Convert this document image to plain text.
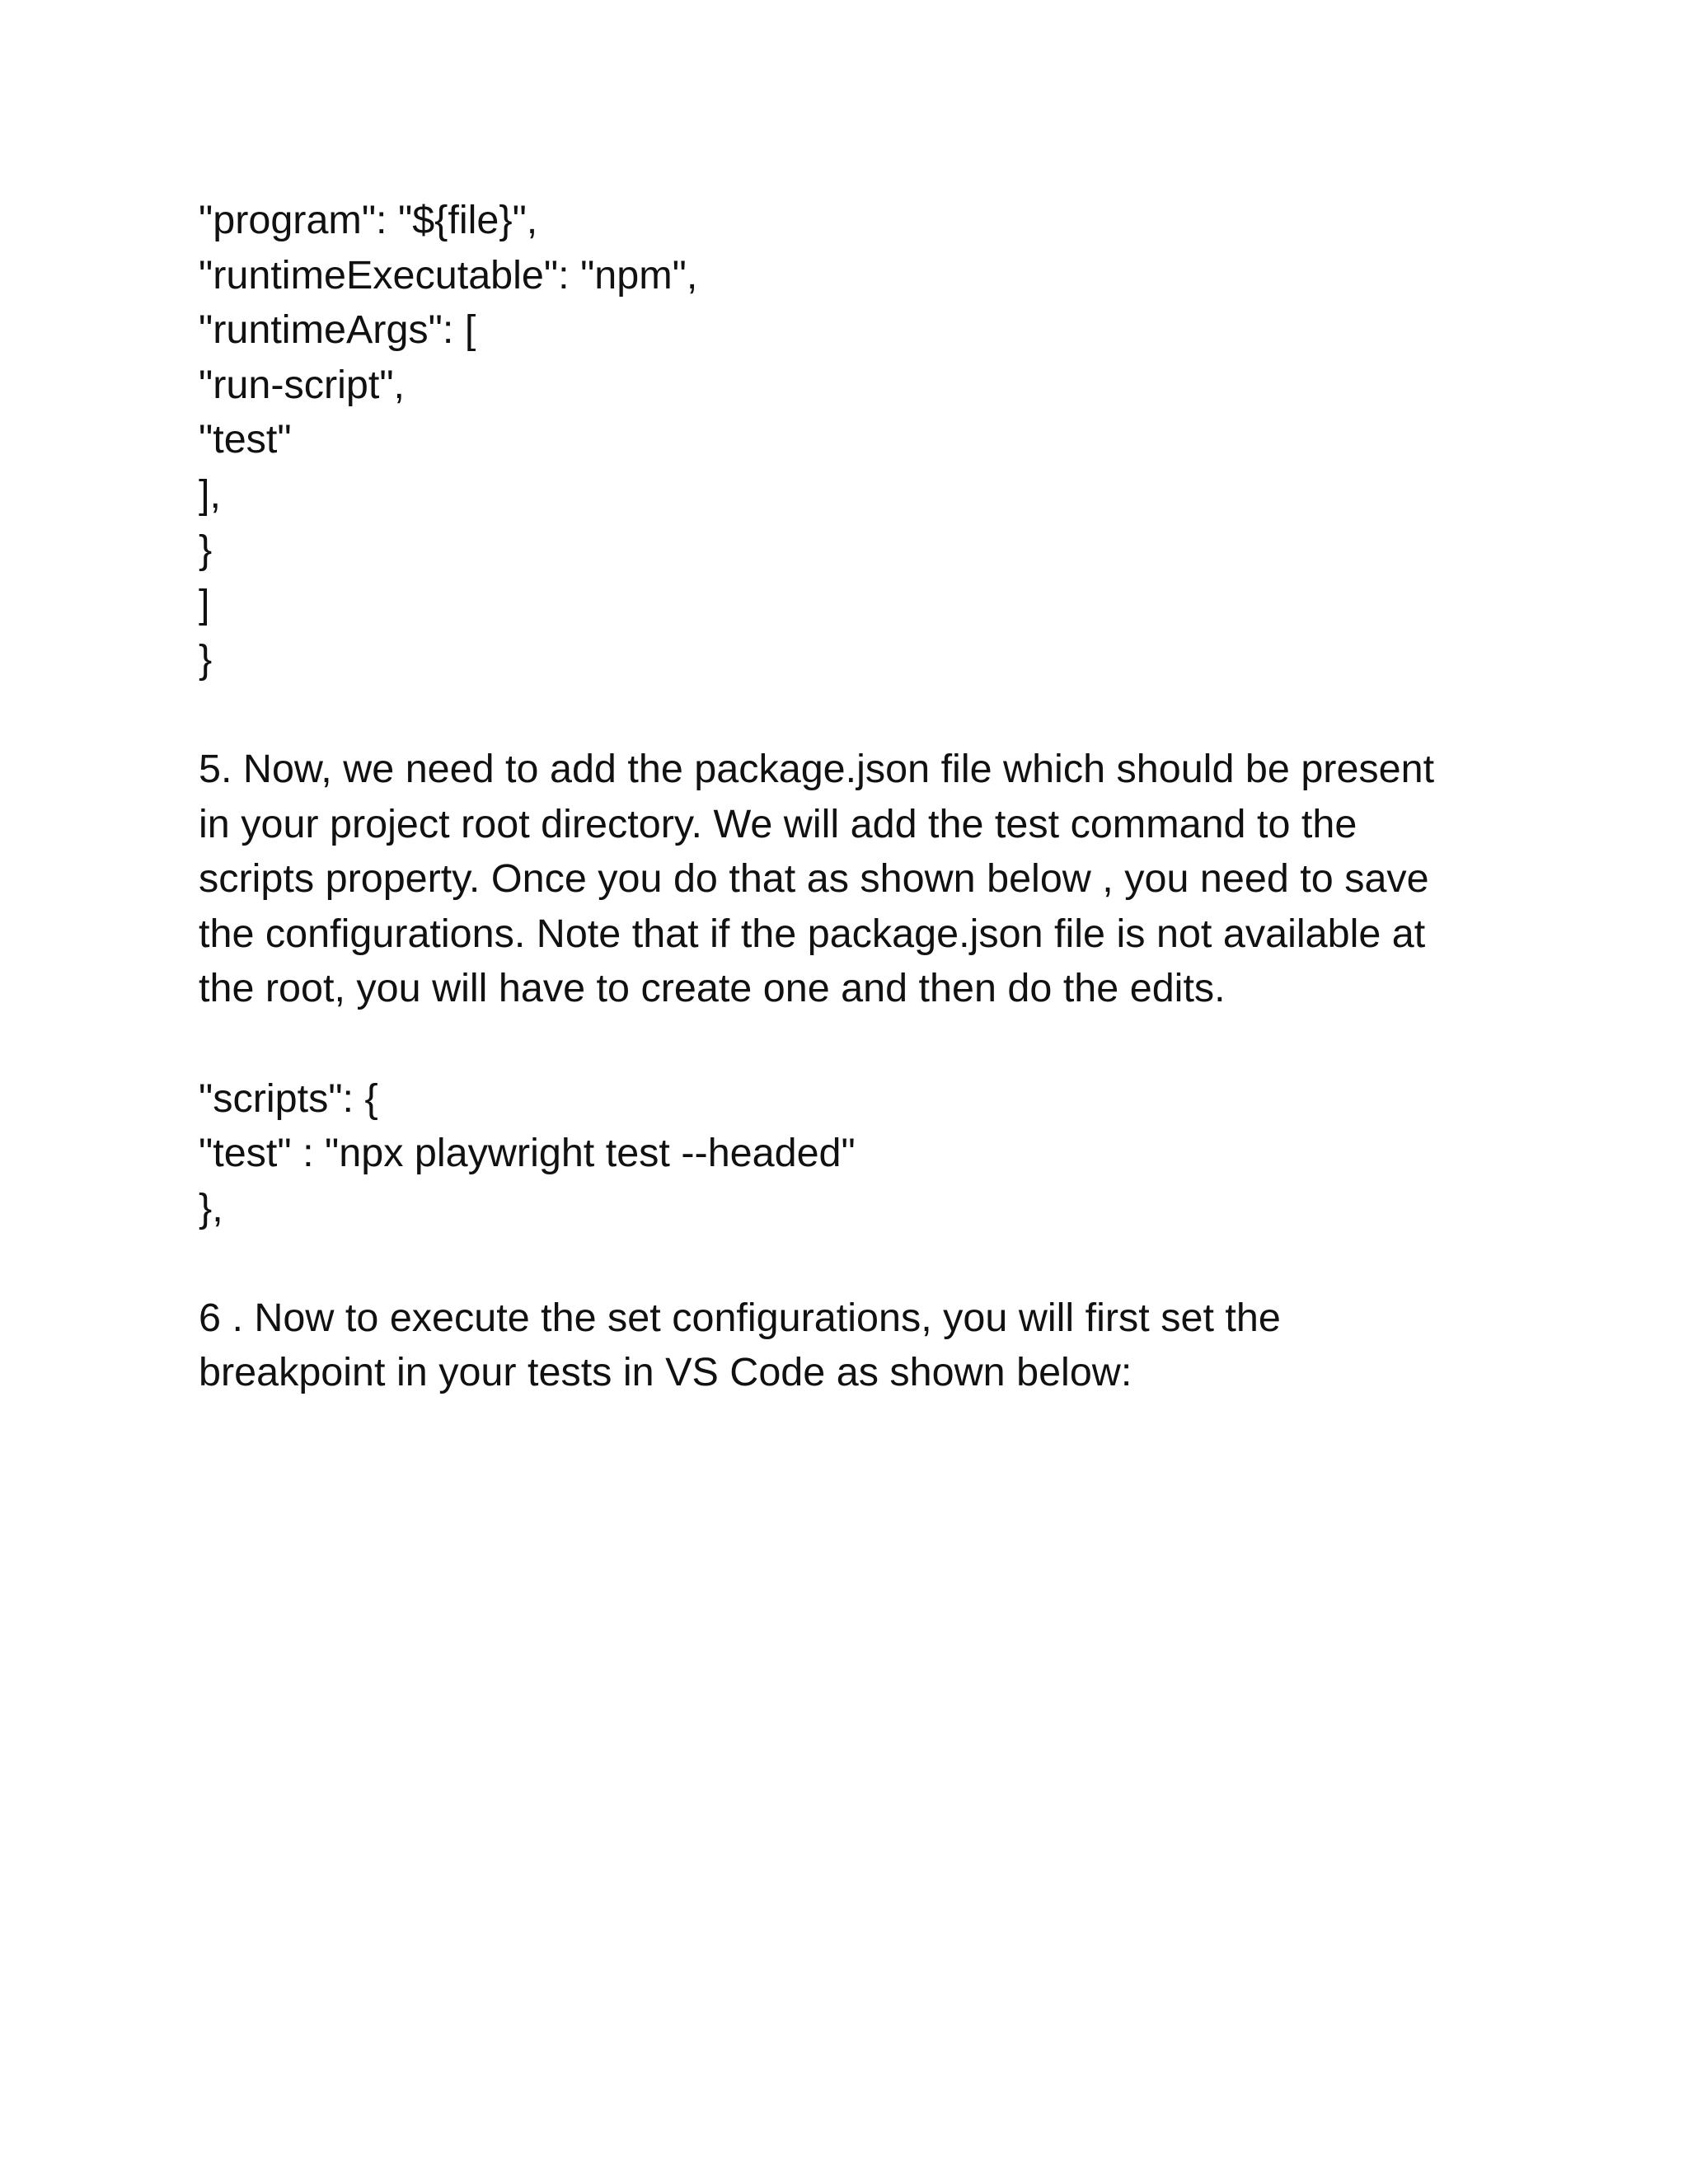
"program": "${file}",
"runtimeExecutable": "npm",
"runtimeArgs": [
"run-script",
"test"
],
}
]
}
5. Now, we need to add the package.json file which should be present
in your project root directory. We will add the test command to the
scripts property. Once you do that as shown below , you need to save
the configurations. Note that if the package.json file is not available at
the root, you will have to create one and then do the edits.
"scripts": {
"test" : "npx playwright test --headed"
},
6 . Now to execute the set configurations, you will first set the
breakpoint in your tests in VS Code as shown below:
